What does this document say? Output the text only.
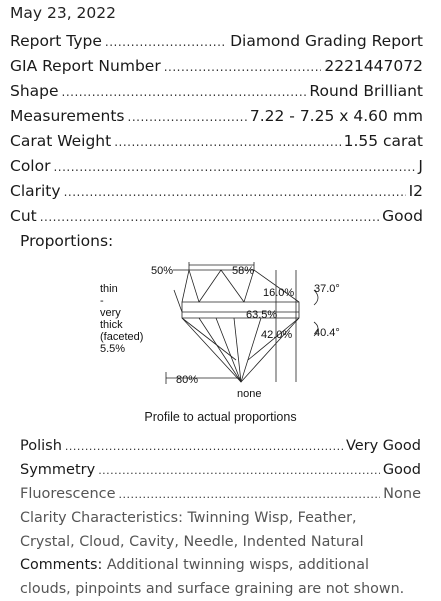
May 23, 2022
Report Type .....	Diamond Grading Report
GIA Report Number .....	2221447072
Shape .....	Round Brilliant
Measurements .....	7.22 - 7.25 x 4.60 mm
Carat Weight .....	1.55 carat
Color .....	J
Clarity .....	I2
Cut .....	Good
Proportions:
50%	58%
16.0% 37.0°
63.5%
42.0% 40.4°
80%
none
thin
-
very
thick
(faceted)
5.5%
Profile to actual proportions
Polish .....	Very Good
Symmetry .....	Good
Fluorescence .....	None
Clarity Characteristics: Twinning Wisp, Feather,
Crystal, Cloud, Cavity, Needle, Indented Natural
Comments: Additional twinning wisps, additional
clouds, pinpoints and surface graining are not shown.
